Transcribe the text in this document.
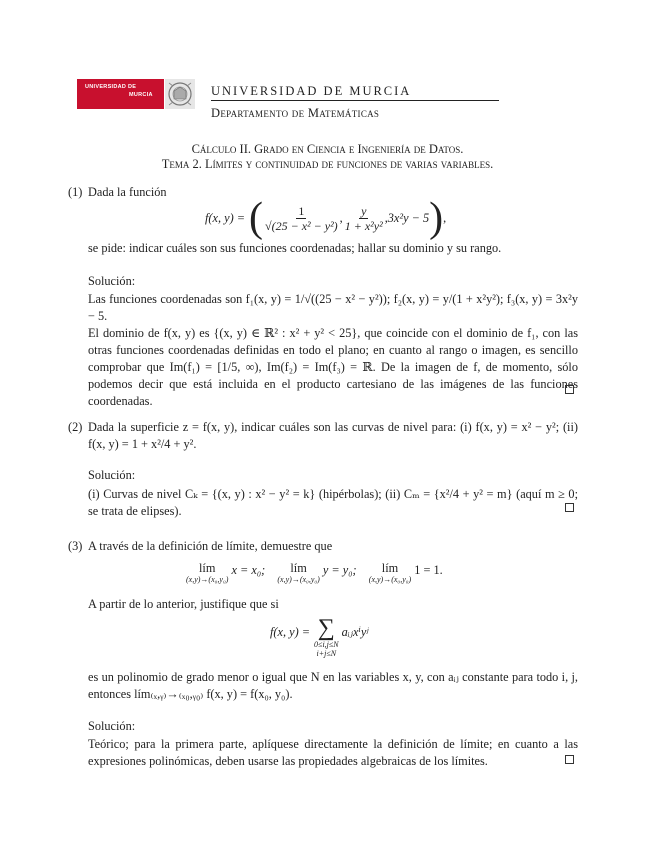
UNIVERSIDAD DE
MURCIA	UNIVERSIDAD DE MURCIA
Departamento de Matemáticas
Cálculo II. Grado en Ciencia e Ingeniería de Datos.
Tema 2. Límites y continuidad de funciones de varias variables.
(1) Dada la función
f(x, y) = ( $\frac{1}{\text{√(25 − x² − y²)}}$ , $\frac{y}{\text{1 + x²y²}}$ , 3x²y − 5 ) ,
se pide: indicar cuáles son sus funciones coordenadas; hallar su dominio y su rango.
Solución:
Las funciones coordenadas son f₁(x, y) = 1/√((25 − x² − y²)); f₂(x, y) = y/(1 + x²y²); f₃(x, y) = 3x²y − 5.
El dominio de f(x, y) es {(x, y) ∈ ℝ² : x² + y² < 25}, que coincide con el dominio de f₁, con las otras funciones coordenadas definidas en todo el plano; en cuanto al rango o imagen, es sencillo comprobar que Im(f₁) = [1/5, ∞), Im(f₂) = Im(f₃) = ℝ. De la imagen de f, de momento, sólo podemos decir que está incluida en el producto cartesiano de las imágenes de las funciones coordenadas.
(2) Dada la superficie z = f(x, y), indicar cuáles son las curvas de nivel para: (i) f(x, y) = x² − y²; (ii) f(x, y) = 1 + x²/4 + y².
Solución:
(i) Curvas de nivel Cₖ = {(x, y) : x² − y² = k} (hipérbolas); (ii) Cₘ = {x²/4 + y² = m} (aquí m ≥ 0; se trata de elipses).
(3) A través de la definición de límite, demuestre que
lím
(x,y)→(x₀,y₀)
x = x₀; lím
(x,y)→(x₀,y₀)
y = y₀; lím
(x,y)→(x₀,y₀)
1 = 1.
A partir de lo anterior, justifique que si
f(x, y) = ∑
0≤i,j≤N
i+j≤N
aᵢⱼxⁱyʲ
es un polinomio de grado menor o igual que N en las variables x, y, con aᵢⱼ constante para todo i, j, entonces lím₍ₓ,ᵧ₎→₍ₓ₀,ᵧ₀₎ f(x, y) = f(x₀, y₀).
Solución:
Teórico; para la primera parte, aplíquese directamente la definición de límite; en cuanto a las expresiones polinómicas, deben usarse las propiedades algebraicas de los límites.
